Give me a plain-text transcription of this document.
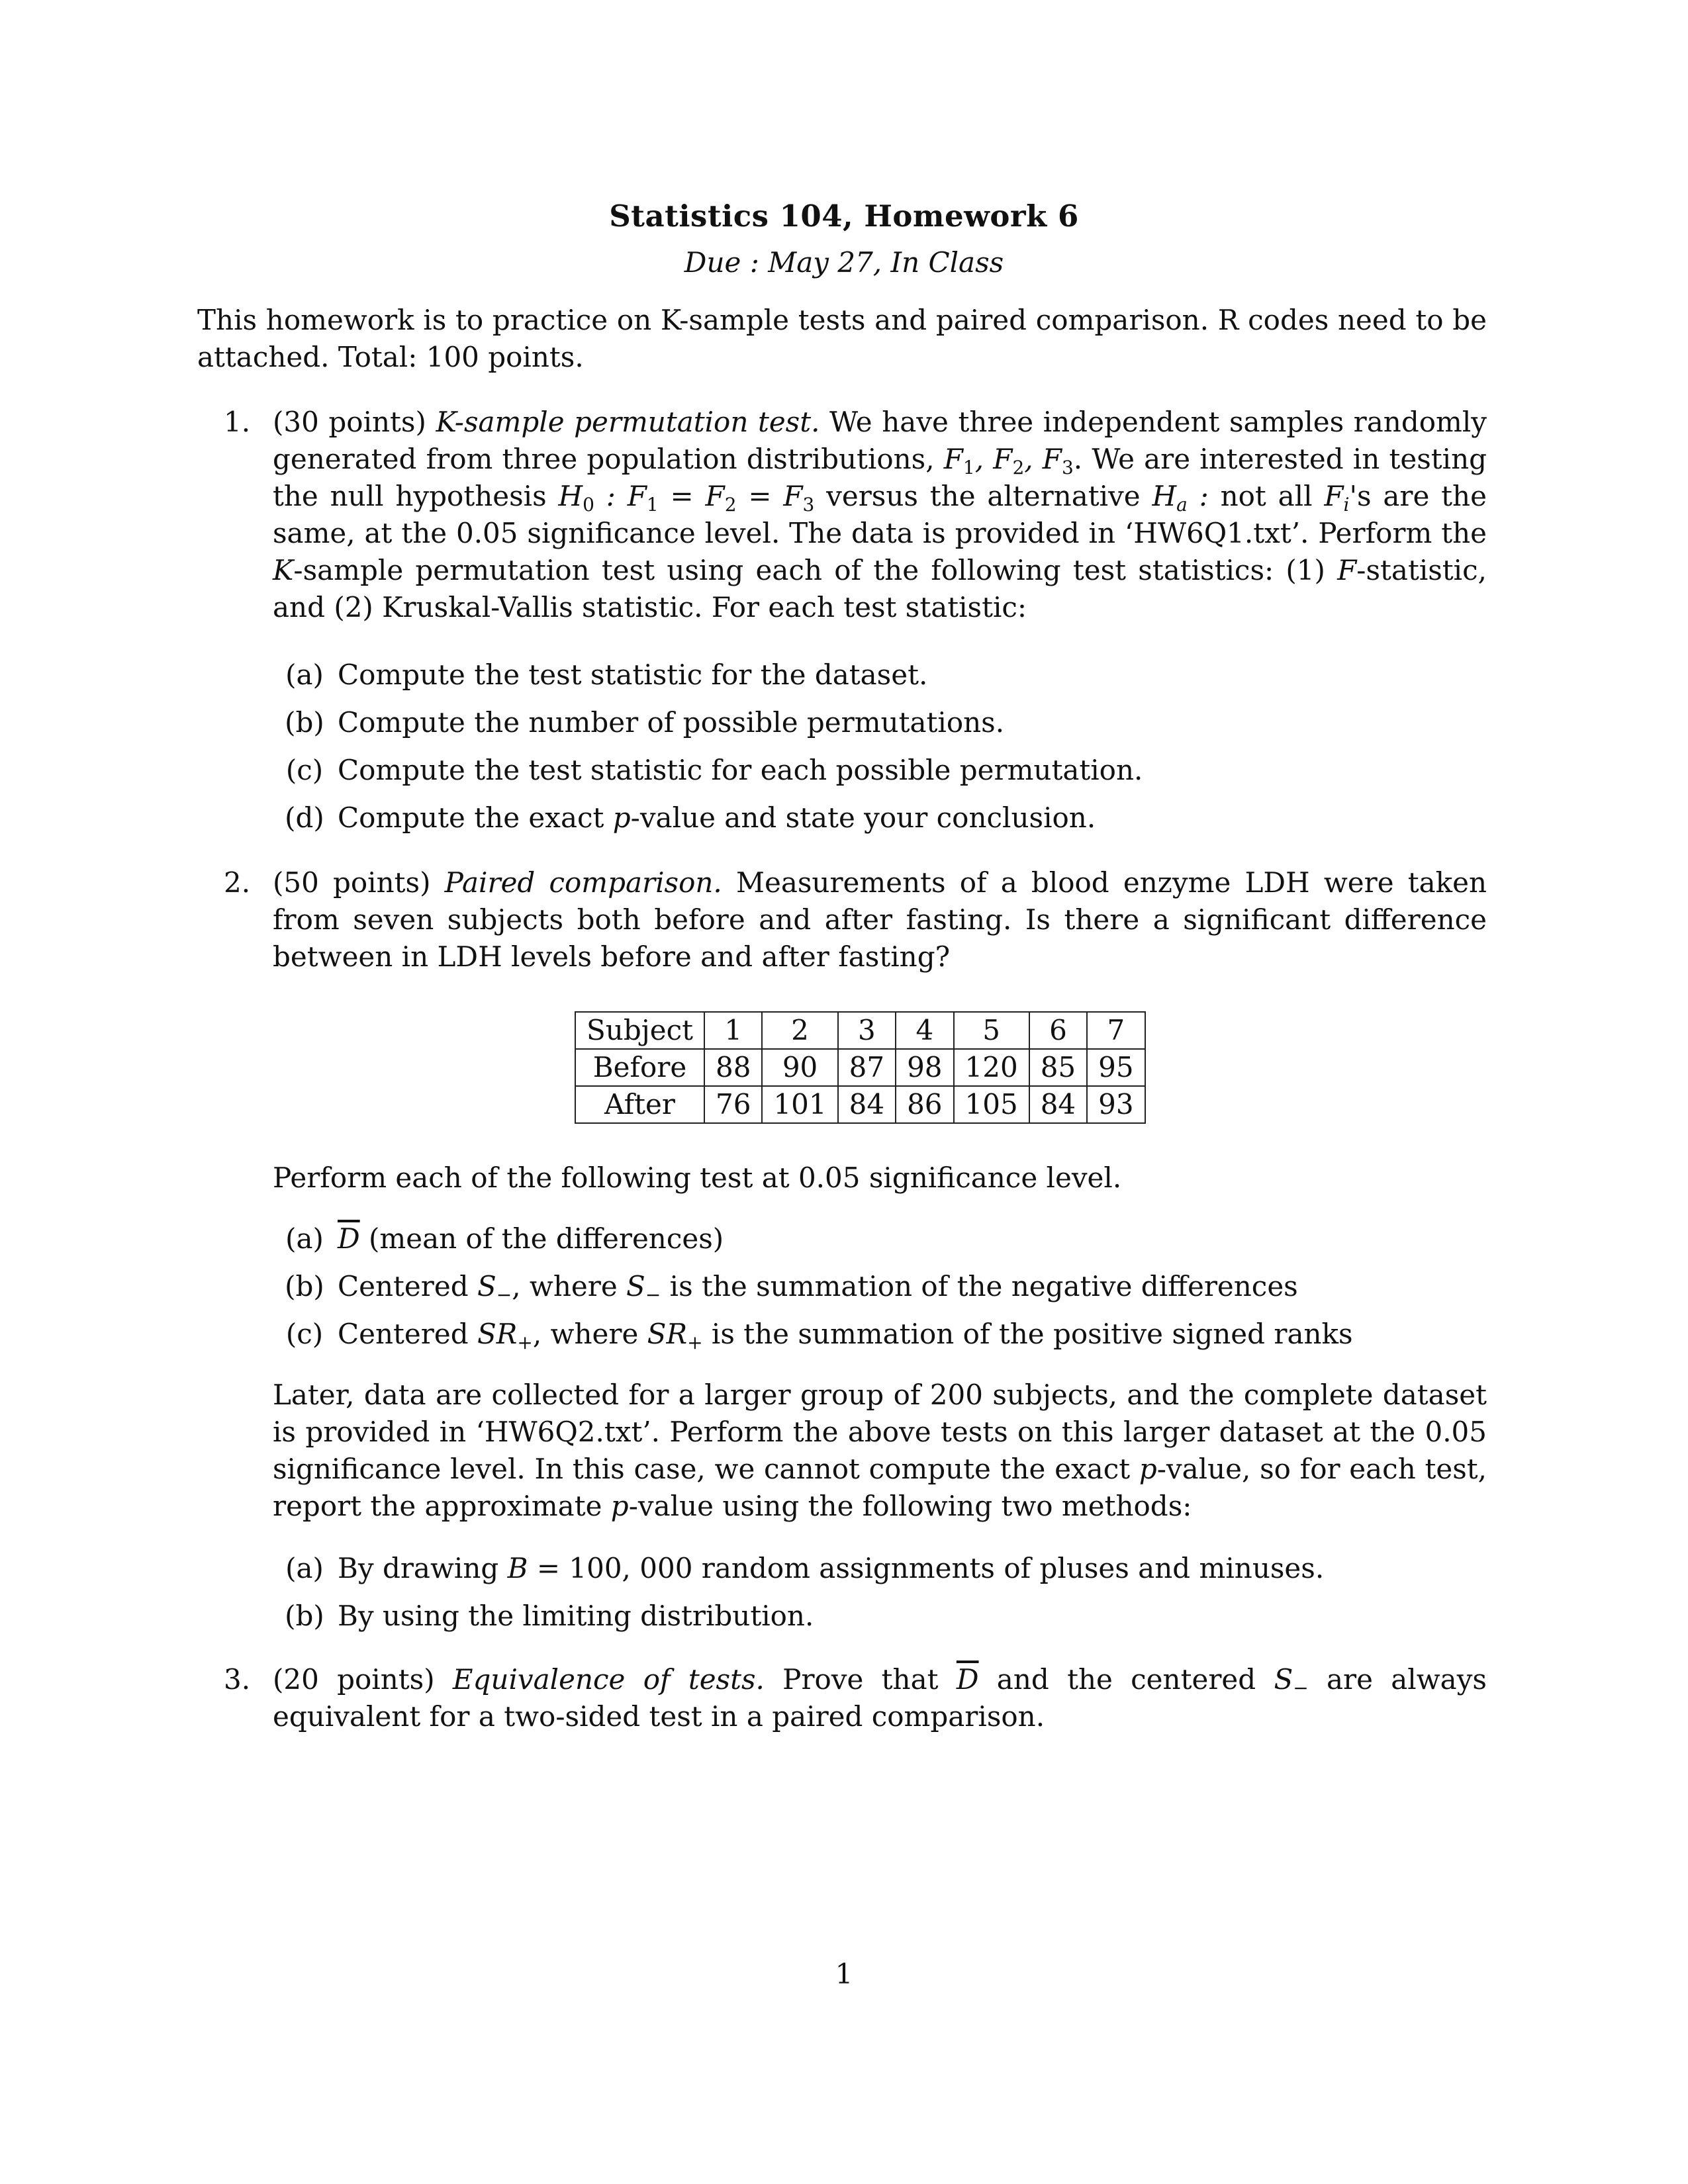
Statistics 104, Homework 6
Due : May 27, In Class
This homework is to practice on K-sample tests and paired comparison. R codes need to be attached. Total: 100 points.
1. (30 points) K-sample permutation test. We have three independent samples randomly generated from three population distributions, $F_1$, $F_2$, $F_3$. We are interested in testing the null hypothesis $H_0$ : $F_1 = F_2 = F_3$ versus the alternative Ha : not all Fi's are the same, at the 0.05 significance level. The data is provided in ‘HW6Q1.txt’. Perform the K-sample permutation test using each of the following test statistics: (1) F-statistic, and (2) Kruskal-Vallis statistic. For each test statistic:
(a) Compute the test statistic for the dataset.
(b) Compute the number of possible permutations.
(c) Compute the test statistic for each possible permutation.
(d) Compute the exact p-value and state your conclusion.
2. (50 points) Paired comparison. Measurements of a blood enzyme LDH were taken from seven subjects both before and after fasting. Is there a significant difference between in LDH levels before and after fasting?
Subject	1	2	3	4	5	6	7
Before	88	90	87	98	120	85	95
After	76	101	84	86	105	84	93
Perform each of the following test at 0.05 significance level.
(a) $\overline{D}$ (mean of the differences)
(b) Centered S−, where S− is the summation of the negative differences
(c) Centered SR+, where SR+ is the summation of the positive signed ranks
Later, data are collected for a larger group of 200 subjects, and the complete dataset is provided in ‘HW6Q2.txt’. Perform the above tests on this larger dataset at the 0.05 significance level. In this case, we cannot compute the exact p-value, so for each test, report the approximate p-value using the following two methods:
(a) By drawing B = 100, 000 random assignments of pluses and minuses.
(b) By using the limiting distribution.
3. (20 points) Equivalence of tests. Prove that $\overline{D}$ and the centered S− are always equivalent for a two-sided test in a paired comparison.
1
